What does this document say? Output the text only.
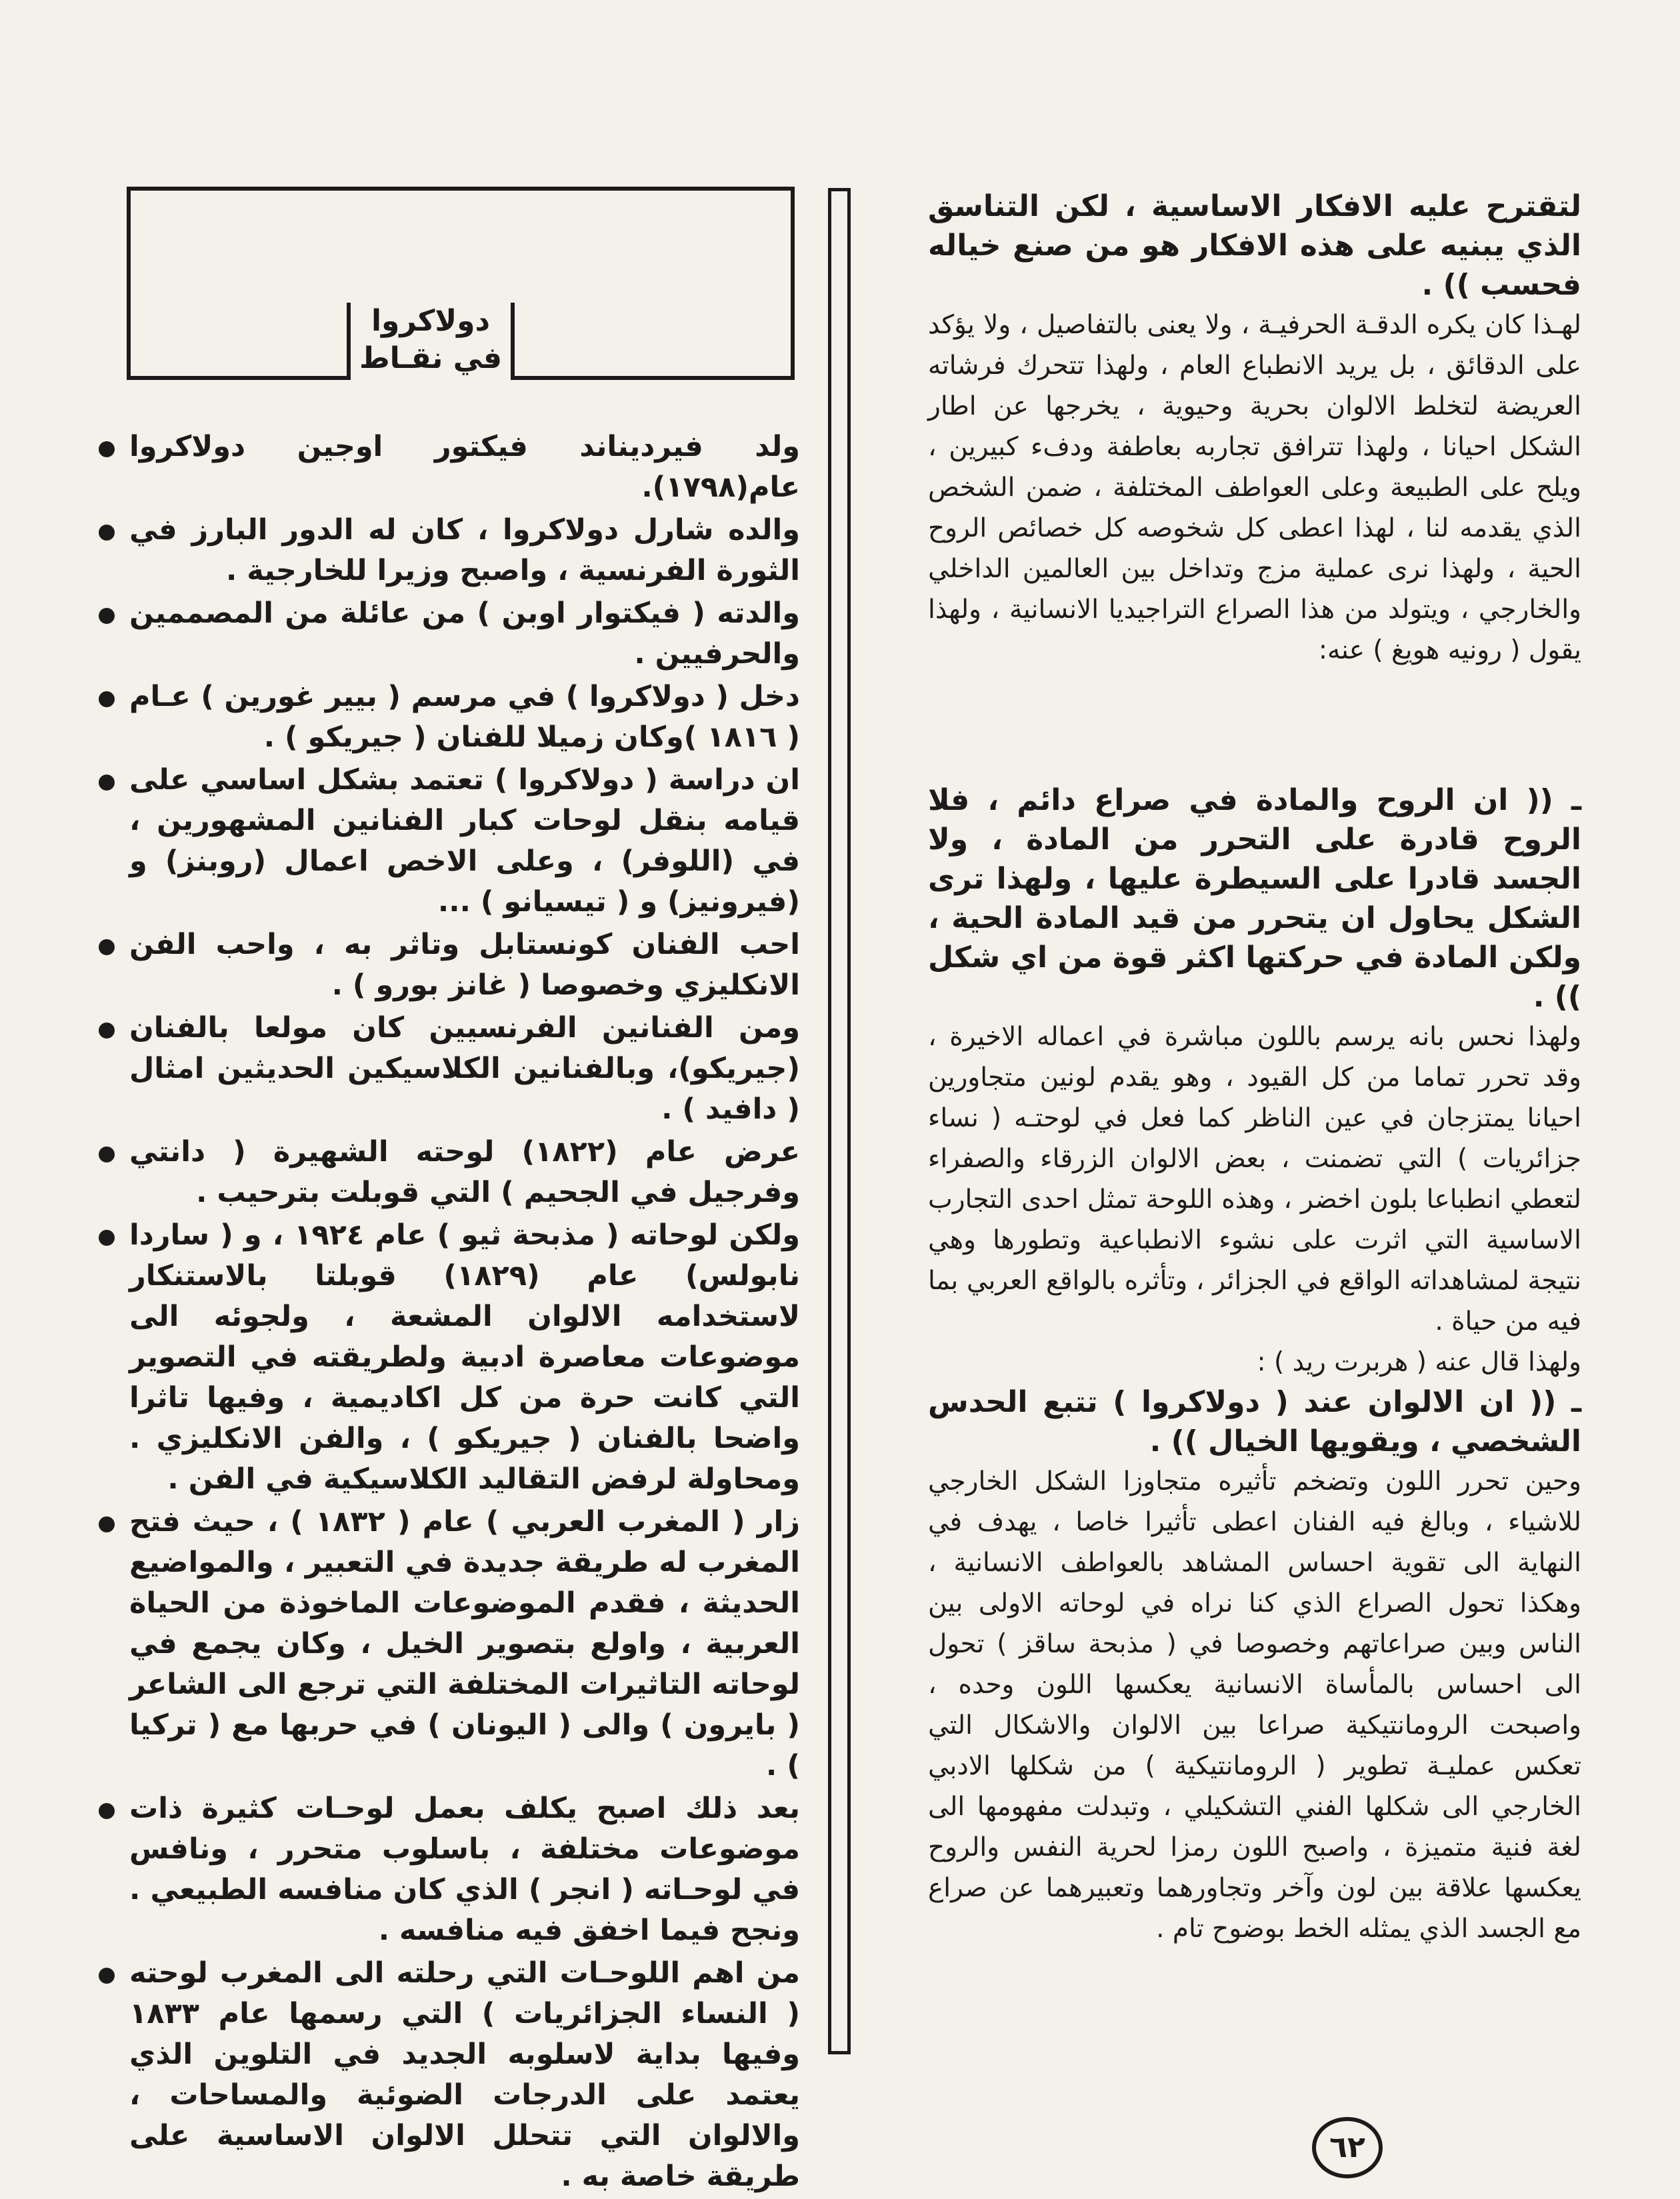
لتقترح عليه الافكار الاساسية ، لكن التناسق الذي يبنيه على هذه الافكار هو من صنع خياله فحسب )) .

لهـذا كان يكره الدقـة الحرفيـة ، ولا يعنى بالتفاصيل ، ولا يؤكد على الدقائق ، بل يريد الانطباع العام ، ولهذا تتحرك فرشاته العريضة لتخلط الالوان بحرية وحيوية ، يخرجها عن اطار الشكل احيانا ، ولهذا تترافق تجاربه بعاطفة ودفء كبيرين ، ويلح على الطبيعة وعلى العواطف المختلفة ، ضمن الشخص الذي يقدمه لنا ، لهذا اعطى كل شخوصه كل خصائص الروح الحية ، ولهذا نرى عملية مزج وتداخل بين العالمين الداخلي والخارجي ، ويتولد من هذا الصراع التراجيديا الانسانية ، ولهذا يقول ( رونيه هويغ ) عنه:

ـ (( ان الروح والمادة في صراع دائم ، فلا الروح قادرة على التحرر من المادة ، ولا الجسد قادرا على السيطرة عليها ، ولهذا ترى الشكل يحاول ان يتحرر من قيد المادة الحية ، ولكن المادة في حركتها اكثر قوة من اي شكل )) .

ولهذا نحس بانه يرسم باللون مباشرة في اعماله الاخيرة ، وقد تحرر تماما من كل القيود ، وهو يقدم لونين متجاورين احيانا يمتزجان في عين الناظر كما فعل في لوحتـه ( نساء جزائريات ) التي تضمنت ، بعض الالوان الزرقاء والصفراء لتعطي انطباعا بلون اخضر ، وهذه اللوحة تمثل احدى التجارب الاساسية التي اثرت على نشوء الانطباعية وتطورها وهي نتيجة لمشاهداته الواقع في الجزائر ، وتأثره بالواقع العربي بما فيه من حياة .

ولهذا قال عنه ( هربرت ريد ) :

ـ (( ان الالوان عند ( دولاكروا ) تتبع الحدس الشخصي ، ويقويها الخيال )) .

وحين تحرر اللون وتضخم تأثيره متجاوزا الشكل الخارجي للاشياء ، وبالغ فيه الفنان اعطى تأثيرا خاصا ، يهدف في النهاية الى تقوية احساس المشاهد بالعواطف الانسانية ، وهكذا تحول الصراع الذي كنا نراه في لوحاته الاولى بين الناس وبين صراعاتهم وخصوصا في ( مذبحة ساقز ) تحول الى احساس بالمأساة الانسانية يعكسها اللون وحده ، واصبحت الرومانتيكية صراعا بين الالوان والاشكال التي تعكس عمليـة تطوير ( الرومانتيكية ) من شكلها الادبي الخارجي الى شكلها الفني التشكيلي ، وتبدلت مفهومها الى لغة فنية متميزة ، واصبح اللون رمزا لحرية النفس والروح يعكسها علاقة بين لون وآخر وتجاورهما وتعبيرهما عن صراع مع الجسد الذي يمثله الخط بوضوح تام .

دولاكروا
في نقـاط
ولد فيرديناند فيكتور اوجين دولاكروا عام(١٧٩٨).
والده شارل دولاكروا ، كان له الدور البارز في الثورة الفرنسية ، واصبح وزيرا للخارجية .
والدته ( فيكتوار اوبن ) من عائلة من المصممين والحرفيين .
دخل ( دولاكروا ) في مرسم ( بيير غورين ) عـام ( ١٨١٦ )وكان زميلا للفنان ( جيريكو ) .
ان دراسة ( دولاكروا ) تعتمد بشكل اساسي على قيامه بنقل لوحات كبار الفنانين المشهورين ، في (اللوفر) ، وعلى الاخص اعمال (روبنز) و (فيرونيز) و ( تيسيانو ) ...
احب الفنان كونستابل وتاثر به ، واحب الفن الانكليزي وخصوصا ( غانز بورو ) .
ومن الفنانين الفرنسيين كان مولعا بالفنان (جيريكو)، وبالفنانين الكلاسيكين الحديثين امثال ( دافيد ) .
عرض عام (١٨٢٢) لوحته الشهيرة ( دانتي وفرجيل في الجحيم ) التي قوبلت بترحيب .
ولكن لوحاته ( مذبحة ثيو ) عام ١٩٢٤ ، و ( ساردا نابولس) عام (١٨٢٩) قوبلتا بالاستنكار لاستخدامه الالوان المشعة ، ولجوئه الى موضوعات معاصرة ادبية ولطريقته في التصوير التي كانت حرة من كل اكاديمية ، وفيها تاثرا واضحا بالفنان ( جيريكو ) ، والفن الانكليزي . ومحاولة لرفض التقاليد الكلاسيكية في الفن .
زار ( المغرب العربي ) عام ( ١٨٣٢ ) ، حيث فتح المغرب له طريقة جديدة في التعبير ، والمواضيع الحديثة ، فقدم الموضوعات الماخوذة من الحياة العربية ، واولع بتصوير الخيل ، وكان يجمع في لوحاته التاثيرات المختلفة التي ترجع الى الشاعر ( بايرون ) والى ( اليونان ) في حربها مع ( تركيا ) .
بعد ذلك اصبح يكلف بعمل لوحـات كثيرة ذات موضوعات مختلفة ، باسلوب متحرر ، ونافس في لوحـاته ( انجر ) الذي كان منافسه الطبيعي . ونجح فيما اخفق فيه منافسه .
من اهم اللوحـات التي رحلته الى المغرب لوحته ( النساء الجزائريات ) التي رسمها عام ١٨٣٣ وفيها بداية لاسلوبه الجديد في التلوين الذي يعتمد على الدرجات الضوئية والمساحات ، والالوان التي تتحلل الالوان الاساسية على طريقة خاصة به .
٦٢
